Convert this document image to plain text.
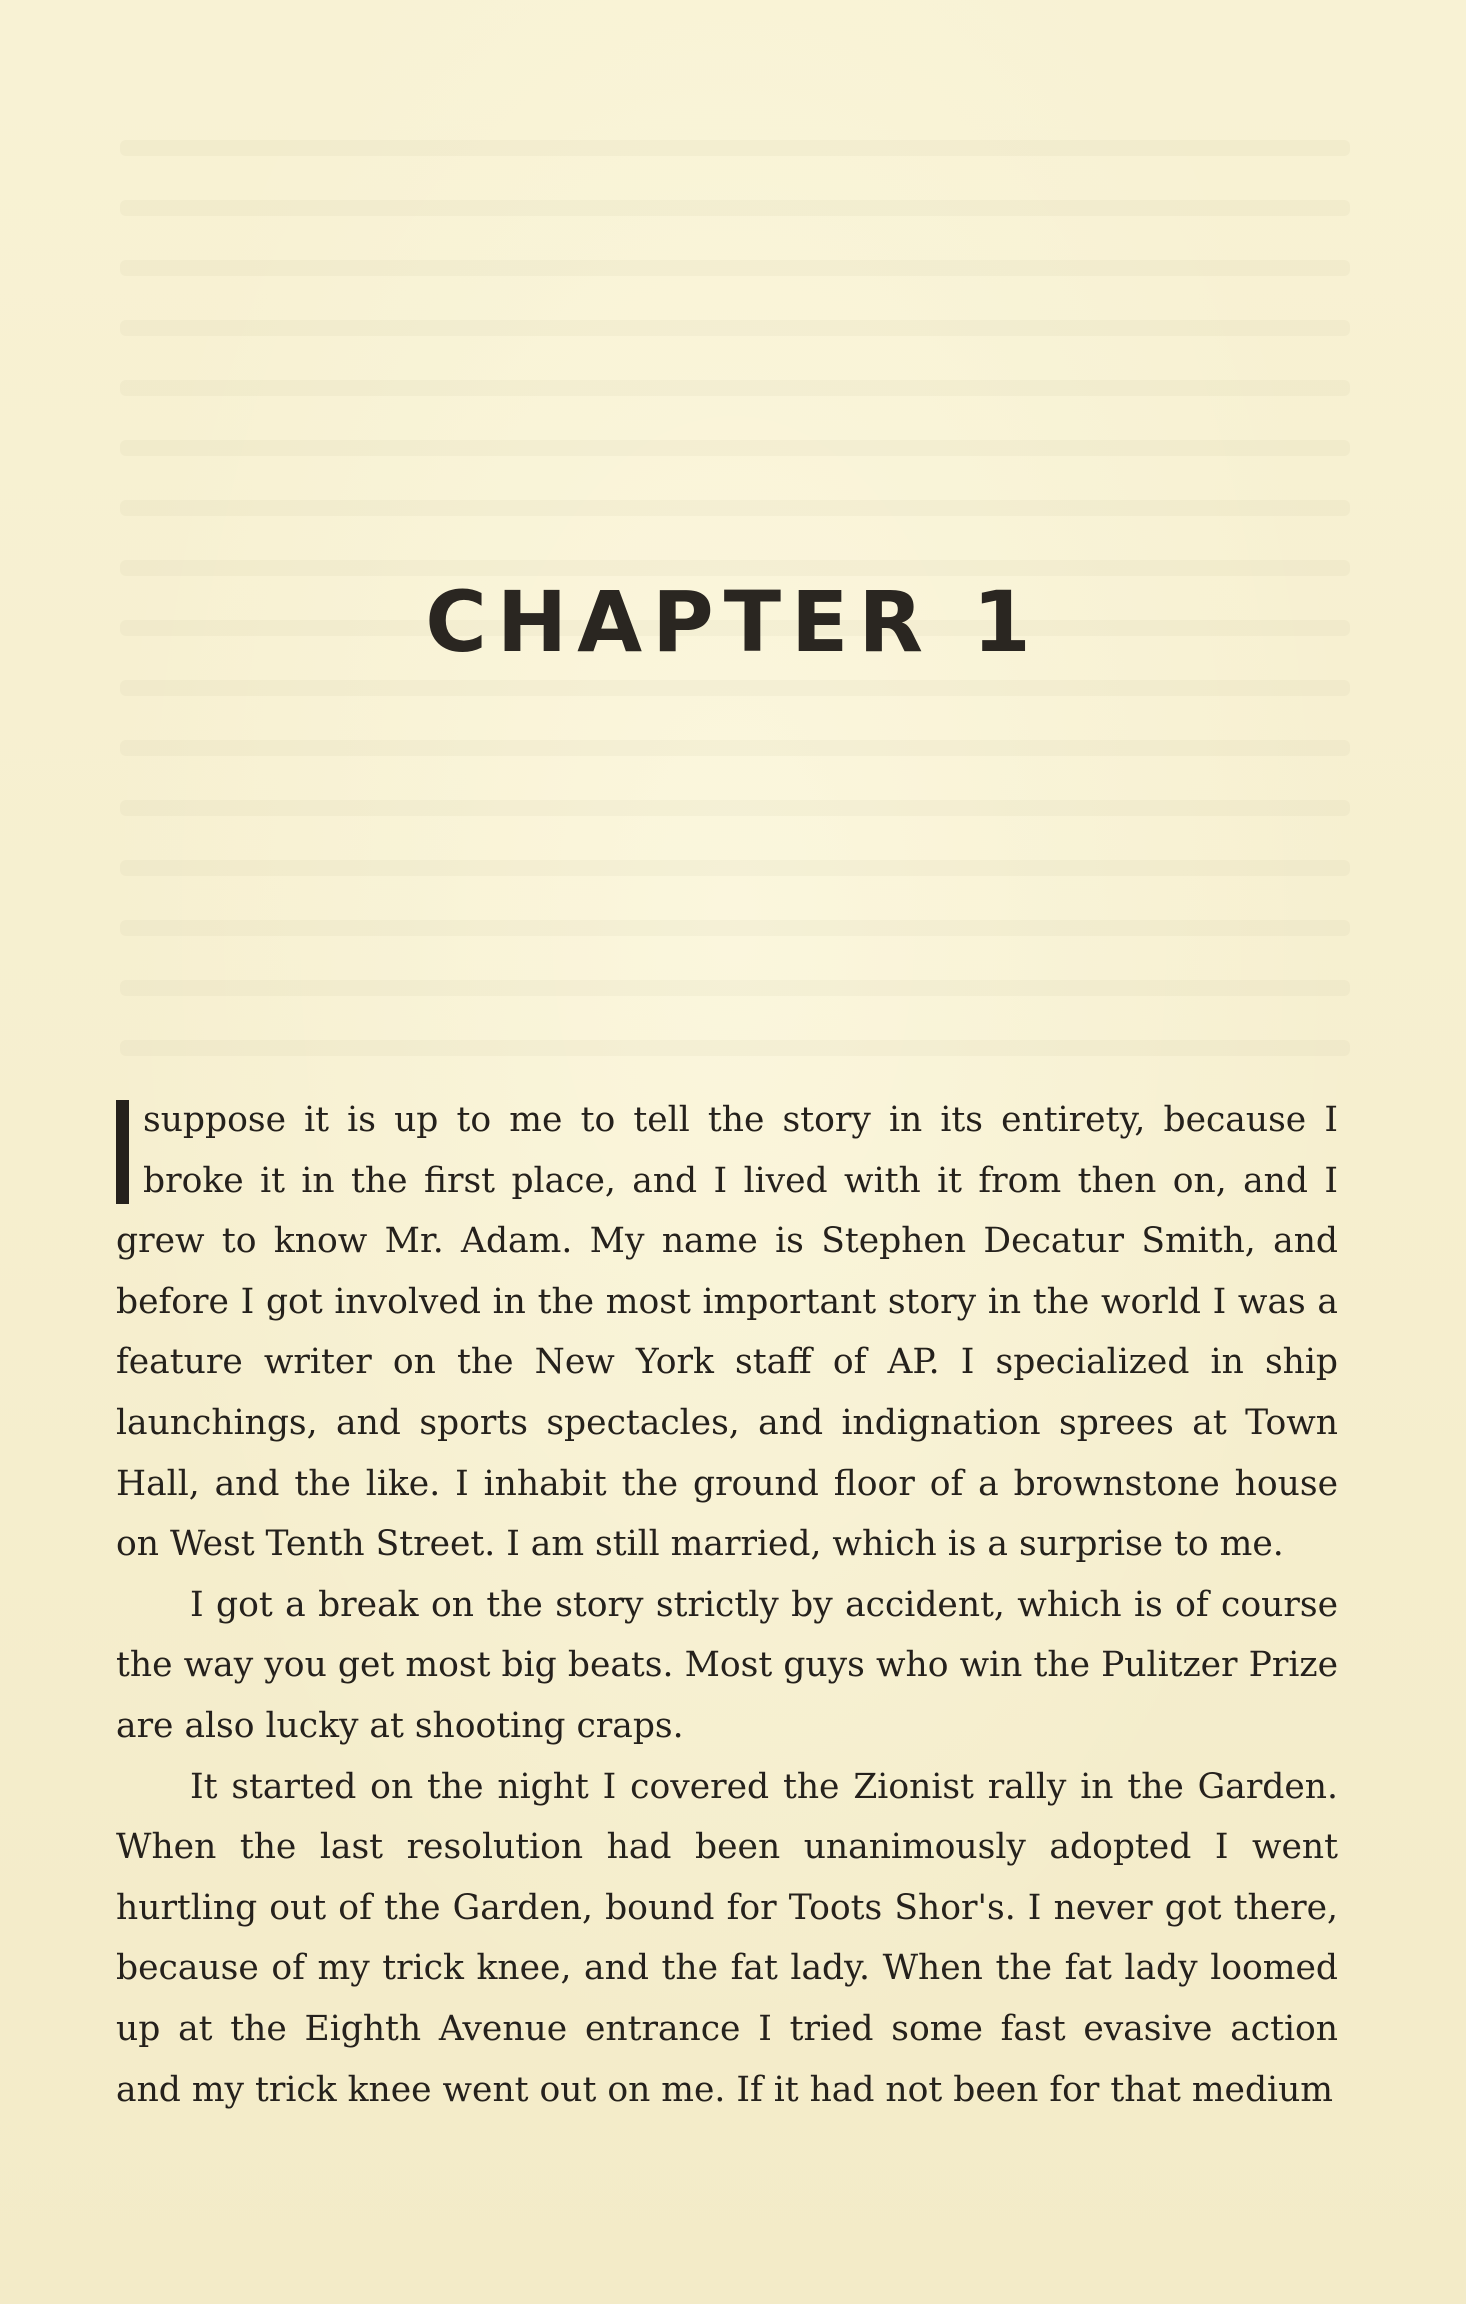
CHAPTER 1

suppose it is up to me to tell the story in its entirety, because I broke it in the first place, and I lived with it from then on, and I grew to know Mr. Adam. My name is Stephen Decatur Smith, and before I got involved in the most important story in the world I was a feature writer on the New York staff of AP. I specialized in ship launchings, and sports spectacles, and indignation sprees at Town Hall, and the like. I inhabit the ground floor of a brownstone house on West Tenth Street. I am still married, which is a surprise to me.

I got a break on the story strictly by accident, which is of course the way you get most big beats. Most guys who win the Pulitzer Prize are also lucky at shooting craps.

It started on the night I covered the Zionist rally in the Garden. When the last resolution had been unanimously adopted I went hurtling out of the Garden, bound for Toots Shor's. I never got there, because of my trick knee, and the fat lady. When the fat lady loomed up at the Eighth Avenue entrance I tried some fast evasive action and my trick knee went out on me. If it had not been for that medium
